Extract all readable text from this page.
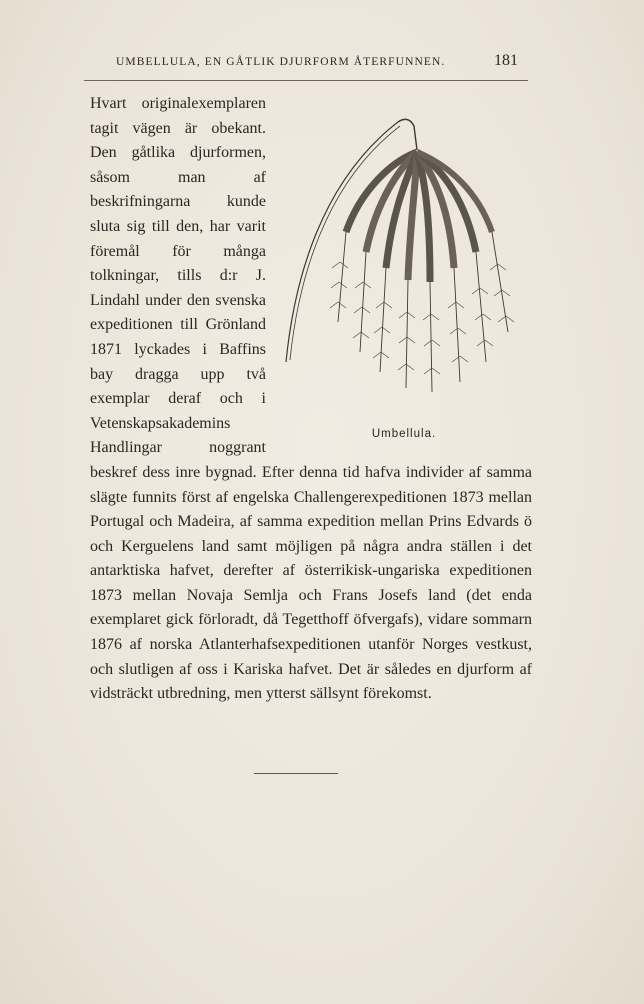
UMBELLULA, EN GÅTLIK DJURFORM ÅTERFUNNEN.	181
Umbellula.
Hvart originalexemplaren tagit vägen är obekant. Den gåtlika djurformen, såsom man af beskrifningarna kunde sluta sig till den, har varit föremål för många tolkningar, tills d:r J. Lindahl under den svenska expeditionen till Grönland 1871 lyckades i Baffins bay dragga upp två exemplar deraf och i Vetenskapsakademins Handlingar noggrant beskref dess inre bygnad. Efter denna tid hafva individer af samma slägte funnits först af engelska Challengerexpeditionen 1873 mellan Portugal och Madeira, af samma expedition mellan Prins Edvards ö och Kerguelens land samt möjligen på några andra ställen i det antarktiska hafvet, derefter af österrikisk-ungariska expeditionen 1873 mellan Novaja Semlja och Frans Josefs land (det enda exemplaret gick förloradt, då Tegetthoff öfvergafs), vidare sommarn 1876 af norska Atlanterhafsexpeditionen utanför Norges vestkust, och slutligen af oss i Kariska hafvet. Det är således en djurform af vidsträckt utbredning, men ytterst sällsynt förekomst.
